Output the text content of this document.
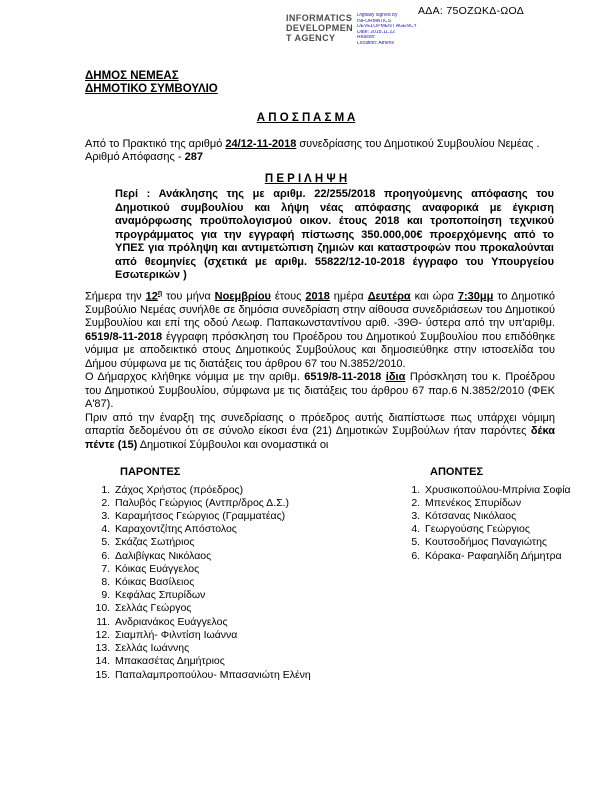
ΑΔΑ: 75ΟΖΩΚΔ-ΩΟΔ
INFORMATICS
DEVELOPMEN
T AGENCY
Digitally signed by
INFORMATICS
DEVELOPMENT AGENCY
Date: 2018.11.22
Reason:
Location: Athens
ΔΗΜΟΣ ΝΕΜΕΑΣ
ΔΗΜΟΤΙΚΟ ΣΥΜΒΟΥΛΙΟ
Α Π Ο Σ Π Α Σ Μ Α

Από το Πρακτικό της αριθμό 24/12-11-2018 συνεδρίασης του Δημοτικού Συμβουλίου Νεμέας .

Αριθμό Απόφασης - 287

Π Ε Ρ Ι Λ Η Ψ Η

Περί : Ανάκλησης της με αριθμ. 22/255/2018 προηγούμενης απόφασης του Δημοτικού συμβουλίου και λήψη νέας απόφασης αναφορικά με έγκριση αναμόρφωσης προϋπολογισμού οικον. έτους 2018 και τροποποίηση τεχνικού προγράμματος για την εγγραφή πίστωσης 350.000,00€ προερχόμενης από το ΥΠΕΣ για πρόληψη και αντιμετώπιση ζημιών και καταστροφών που προκαλούνται από θεομηνίες (σχετικά με αριθμ. 55822/12-10-2018 έγγραφο του Υπουργείου Εσωτερικών )

Σήμερα την $12^\eta$ του μήνα Νοεμβρίου έτους 2018 ημέρα Δευτέρα και ώρα 7:30μμ το Δημοτικό Συμβούλιο Νεμέας συνήλθε σε δημόσια συνεδρίαση στην αίθουσα συνεδριάσεων του Δημοτικού Συμβουλίου και επί της οδού Λεωφ. Παπακωνσταντίνου αριθ. -39Θ- ύστερα από την υπ'αριθμ. 6519/8-11-2018 έγγραφη πρόσκληση του Προέδρου του Δημοτικού Συμβουλίου που επιδόθηκε νόμιμα με αποδεικτικό στους Δημοτικούς Συμβούλους και δημοσιεύθηκε στην ιστοσελίδα του Δήμου σύμφωνα με τις διατάξεις του άρθρου 67 του Ν.3852/2010.

Ο Δήμαρχος κλήθηκε νόμιμα με την αριθμ. 6519/8-11-2018 ίδια Πρόσκληση του κ. Προέδρου του Δημοτικού Συμβουλίου, σύμφωνα με τις διατάξεις του άρθρου 67 παρ.6 Ν.3852/2010 (ΦΕΚ Α'87).

Πριν από την έναρξη της συνεδρίασης ο πρόεδρος αυτής διαπίστωσε πως υπάρχει νόμιμη απαρτία δεδομένου ότι σε σύνολο είκοσι ένα (21) Δημοτικών Συμβούλων ήταν παρόντες δέκα πέντε (15) Δημοτικοί Σύμβουλοι και ονομαστικά οι

ΠΑΡΟΝΤΕΣ
1. Ζάχος Χρήστος (πρόεδρος)
2. Παλυβός Γεώργιος (Αντπρ/δρος Δ.Σ.)
3. Καραμήτσος Γεώργιος (Γραμματέας)
4. Καραχοντζίτης Απόστολος
5. Σκάζας Σωτήριος
6. Δαλιβίγκας Νικόλαος
7. Κόικας Ευάγγελος
8. Κόικας Βασίλειος
9. Κεφάλας Σπυρίδων
10. Σελλάς Γεώργος
11. Ανδριανάκος Ευάγγελος
12. Σιαμπλή- Φιλντίση Ιωάννα
13. Σελλάς Ιωάννης
14. Μπακασέτας Δημήτριος
15. Παπαλαμπροπούλου- Μπασανιώτη Ελένη
ΑΠΟΝΤΕΣ
1. Χρυσικοπούλου-Μπρίνια Σοφία
2. Μπενέκος Σπυρίδων
3. Κότσανας Νικόλαος
4. Γεωργούσης Γεώργιος
5. Κουτσοδήμος Παναγιώτης
6. Κόρακα- Ραφαηλίδη Δήμητρα
